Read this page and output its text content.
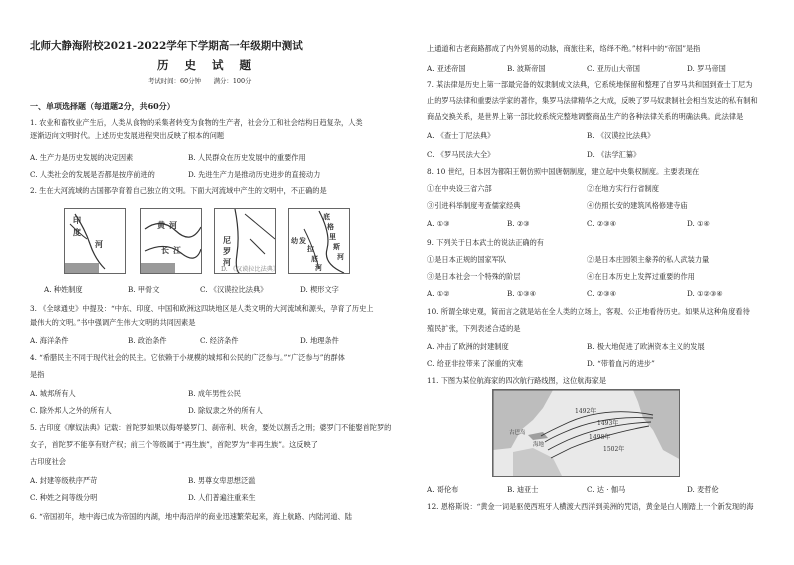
北师大静海附校2021-2022学年下学期高一年级期中测试
历 史 试 题
考试时间：60分钟　　满分：100分
一、单项选择题（每道题2分，共60分）
1. 农业和畜牧业产生后，人类从食物的采集者转变为食物的生产者，社会分工和社会结构日趋复杂，人类
逐渐迈向文明时代。上述历史发展进程突出反映了根本的问题
A. 生产力是历史发展的决定因素	B. 人民群众在历史发展中的重要作用
C. 人类社会的发展是否都是按序前进的	D. 先进生产力是推动历史进步的直接动力
2. 生在大河流域的古国都孕育着自己独立的文明。下面大河流域中产生的文明中，不正确的是
印
度
河
黄 河
长 江
尼
罗
河
底
格
里
斯
河
幼 发
拉
底
河
D. 《汉谟拉比法典》
A. 种姓制度	B. 甲骨文	C. 《汉谟拉比法典》	D. 楔形文字
3. 《全球通史》中提及：“中东、印度、中国和欧洲这四块地区是人类文明的大河流域和源头，孕育了历史上
最伟大的文明。”书中强调产生伟大文明的共同因素是
A. 海洋条件	B. 政治条件	C. 经济条件	D. 地理条件
4. “希腊民主不同于现代社会的民主。它依赖于小规模的城邦和公民的广泛参与。”“广泛参与”的群体
是指
A. 城邦所有人	B. 成年男性公民
C. 除外邦人之外的所有人	D. 除奴隶之外的所有人
5. 古印度《摩奴法典》记载：首陀罗如果以侮辱婆罗门、刹帝利、吠舍，要处以割舌之刑；婆罗门不能娶首陀罗的
女子，首陀罗不能享有财产权；前三个等级属于“再生族”，首陀罗为“非再生族”。这反映了
古印度社会
A. 封建等级秩序严苛	B. 男尊女卑思想泛滥
C. 种姓之间等级分明	D. 人们普遍注重来生
6. “帝国初年，地中海已成为帝国的内湖，地中海沿岸的商业迅速繁荣起来，海上航路、内陆河道、陆
上通道和古老商路都成了内外贸易的动脉，商旅往来，络绎不绝。”材料中的“帝国”是指
A. 亚述帝国	B. 波斯帝国	C. 亚历山大帝国	D. 罗马帝国
7. 某法律是历史上第一部最完备的奴隶制成文法典，它系统地保留和整理了自罗马共和国到查士丁尼为
止的罗马法律和重要法学家的著作，集罗马法律精华之大成，反映了罗马奴隶制社会相当发达的私有制和
商品交换关系，是世界上第一部比较系统完整地调整商品生产的各种法律关系的明确法典。此法律是
A. 《查士丁尼法典》	B. 《汉谟拉比法典》
C. 《罗马民法大全》	D. 《法学汇纂》
8. 10 世纪，日本因为都阳王朝仿照中国唐朝制度，建立起中央集权制度。主要表现在
①在中央设三省六部	②在地方实行行省制度
③引进科举制度考查儒家经典	④仿照长安的建筑风格修建寺庙
A. ①③	B. ②③	C. ②③④	D. ①④
9. 下列关于日本武士的说法正确的有
①是日本正规的国家军队	②是日本庄园领主豢养的私人武装力量
③是日本社会一个特殊的阶层	④在日本历史上发挥过重要的作用
A. ①②	B. ①③④	C. ②③④	D. ①②③④
10. 所谓全球史观，简而言之就是站在全人类的立场上，客观、公正地看待历史。如果从这种角度看待
殖民扩张，下列表述合适的是
A. 冲击了欧洲的封建制度	B. 极大地促进了欧洲资本主义的发展
C. 给亚非拉带来了深重的灾难	D. “带着血污的进步”
11. 下图为某位航海家的四次航行路线图，这位航海家是
1492年
1493年
1498年
1502年
古巴岛
海地
A. 哥伦布	B. 迪亚士	C. 达 · 伽马	D. 麦哲伦
12. 恩格斯说：“黄金一词是驱使西班牙人横渡大西洋到美洲的咒语，黄金是白人刚踏上一个新发现的海
